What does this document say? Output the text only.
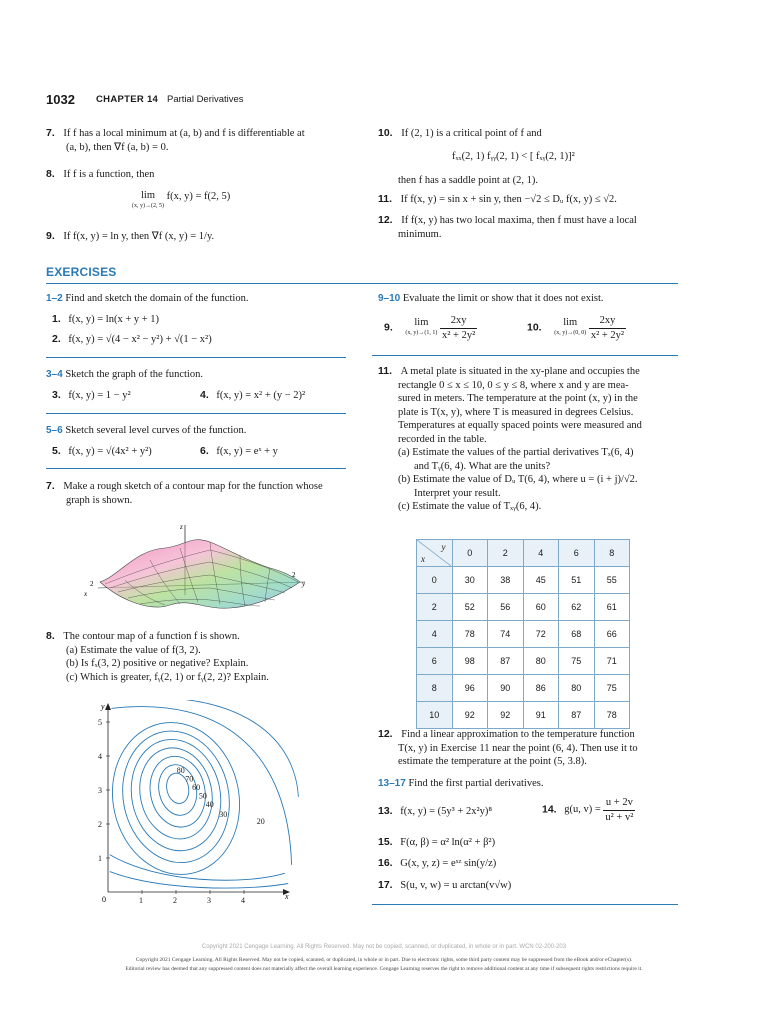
1032 CHAPTER 14 Partial Derivatives
7. If f has a local minimum at (a, b) and f is differentiable at
(a, b), then ∇f (a, b) = 0.
8. If f is a function, then
lim
(x, y)→(2, 5)
f(x, y) = f(2, 5)
9. If f(x, y) = ln y, then ∇f (x, y) = 1/y.
10. If (2, 1) is a critical point of f and
fₓₓ(2, 1) fᵧᵧ(2, 1) < [ fₓᵧ(2, 1)]²
then f has a saddle point at (2, 1).
11. If f(x, y) = sin x + sin y, then −√2 ≤ Dᵤ f(x, y) ≤ √2.
12. If f(x, y) has two local maxima, then f must have a local
minimum.
EXERCISES
1–2 Find and sketch the domain of the function.
1. f(x, y) = ln(x + y + 1)
2. f(x, y) = √(4 − x² − y²) + √(1 − x²)
3–4 Sketch the graph of the function.
3. f(x, y) = 1 − y²	4. f(x, y) = x² + (y − 2)²
5–6 Sketch several level curves of the function.
5. f(x, y) = √(4x² + y²)	6. f(x, y) = eˣ + y
7. Make a rough sketch of a contour map for the function whose
graph is shown.
z
2
x
2
y
8. The contour map of a function f is shown.
(a) Estimate the value of f(3, 2).
(b) Is fₓ(3, 2) positive or negative? Explain.
(c) Which is greater, fᵧ(2, 1) or fᵧ(2, 2)? Explain.
80
70
60
50
40
30
20
1
2
3
4
5
1	2	3	4
y
x
0
9–10 Evaluate the limit or show that it does not exist.
9. lim
(x, y)→(1, 1)
$\frac{2xy}{\text{x² + 2y²}}$	10. lim
(x, y)→(0, 0)
$\frac{2xy}{\text{x² + 2y²}}$
11. A metal plate is situated in the xy-plane and occupies the
rectangle 0 ≤ x ≤ 10, 0 ≤ y ≤ 8, where x and y are mea-
sured in meters. The temperature at the point (x, y) in the
plate is T(x, y), where T is measured in degrees Celsius.
Temperatures at equally spaced points were measured and
recorded in the table.
(a) Estimate the values of the partial derivatives Tₓ(6, 4)
and Tᵧ(6, 4). What are the units?
(b) Estimate the value of Dᵤ T(6, 4), where u = (i + j)/√2.
Interpret your result.
(c) Estimate the value of Tₓᵧ(6, 4).
y
x	0	2	4	6	8
0	30	38	45	51	55
2	52	56	60	62	61
4	78	74	72	68	66
6	98	87	80	75	71
8	96	90	86	80	75
10	92	92	91	87	78
12. Find a linear approximation to the temperature function
T(x, y) in Exercise 11 near the point (6, 4). Then use it to
estimate the temperature at the point (5, 3.8).
13–17 Find the first partial derivatives.
13. f(x, y) = (5y³ + 2x²y)⁸	14. g(u, $v) = \frac{u + 2v}{\text{u² + v²}}$
15. F(α, β) = α² ln(α² + β²)
16. G(x, y, z) = eˣᶻ sin(y/z)
17. S(u, v, w) = u arctan(v√w)
Copyright 2021 Cengage Learning. All Rights Reserved. May not be copied, scanned, or duplicated, in whole or in part. WCN 02-200-203
Copyright 2021 Cengage Learning. All Rights Reserved. May not be copied, scanned, or duplicated, in whole or in part. Due to electronic rights, some third party content may be suppressed from the eBook and/or eChapter(s).
Editorial review has deemed that any suppressed content does not materially affect the overall learning experience. Cengage Learning reserves the right to remove additional content at any time if subsequent rights restrictions require it.
